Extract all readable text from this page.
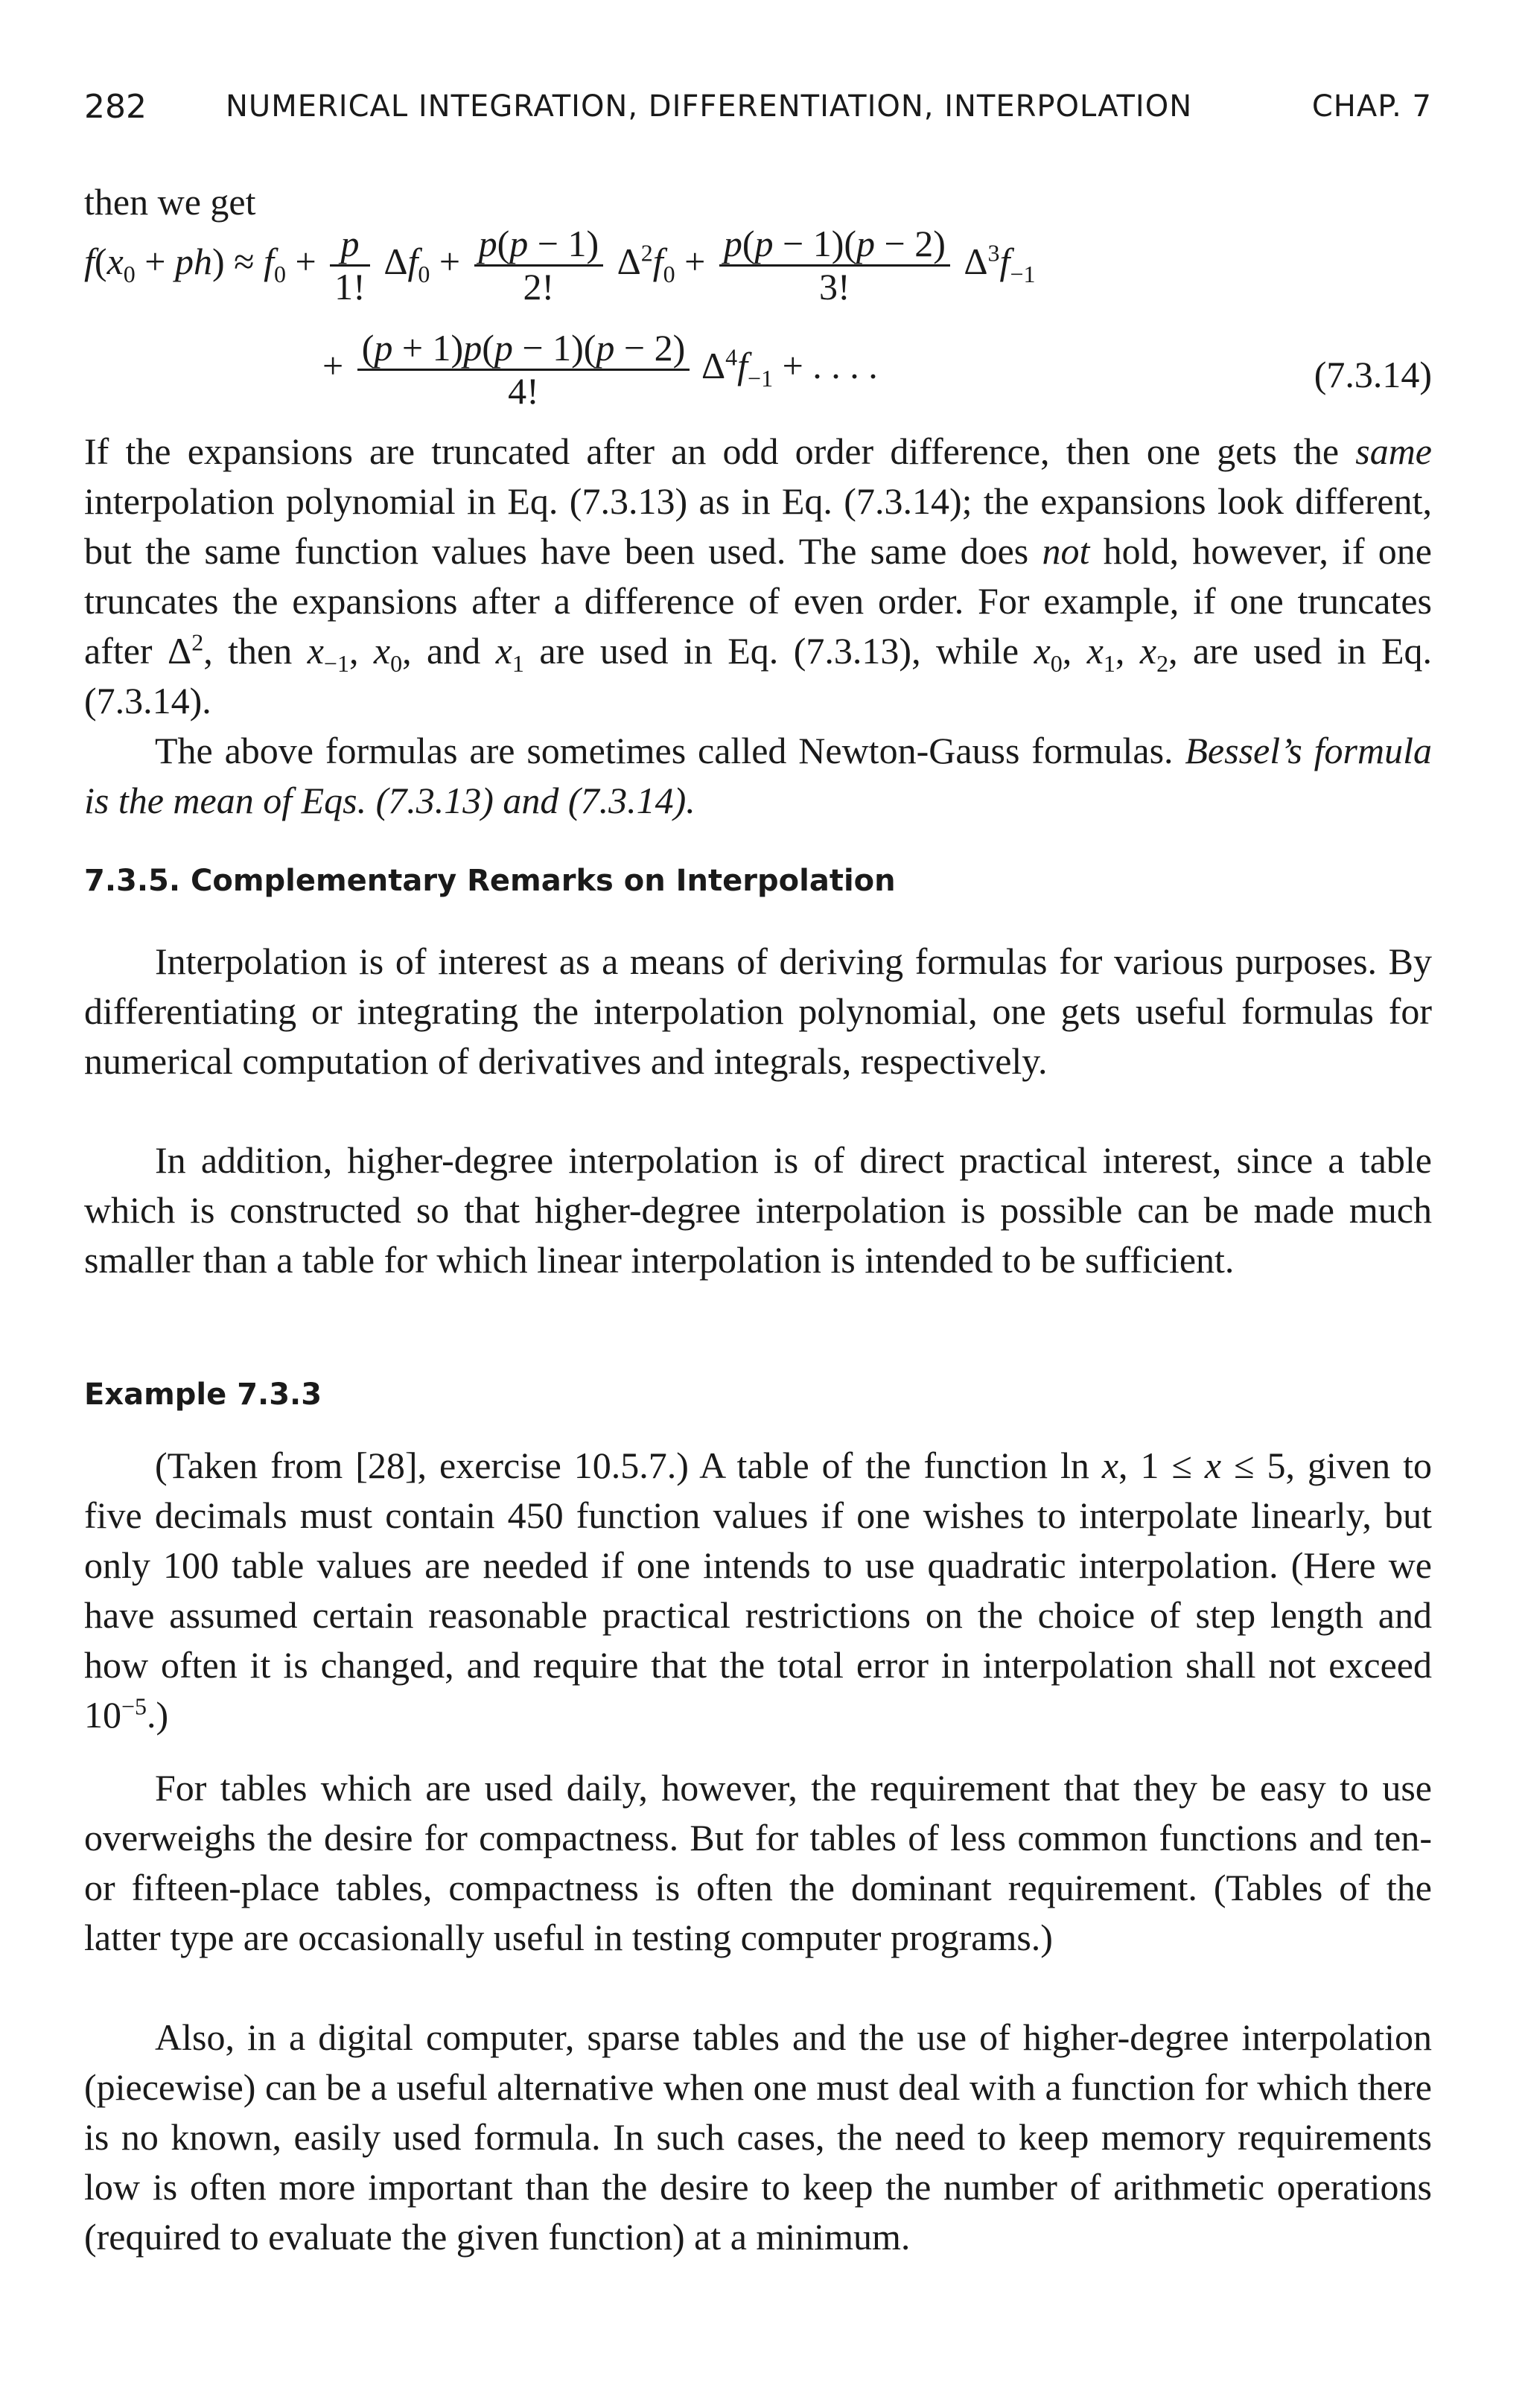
282	NUMERICAL INTEGRATION, DIFFERENTIATION, INTERPOLATION	CHAP. 7

then we get

$f(x_0 + ph) \approx f_0 + \frac{p}{1!} \Delta f_0 + \frac{p(p - 1)}{2!} \Delta^2f_0 + \frac{p(p - 1)(p - 2)}{3!} \Delta^3f_{-1}$
+ $\frac{(p + 1)p(p - 1)(p - 2)}{4!} \Delta^4f_{-1}$ + . . . .	(7.3.14)

If the expansions are truncated after an odd order difference, then one gets the same interpolation polynomial in Eq. (7.3.13) as in Eq. (7.3.14); the expansions look different, but the same function values have been used. The same does not hold, however, if one truncates the expansions after a difference of even order. For example, if one truncates after $\Delta^2$, then $x_{-1}$, $x_0$, and $x_1$ are used in Eq. (7.3.13), while $x_0$, $x_1$, $x_2$, are used in Eq. (7.3.14).

The above formulas are sometimes called Newton-Gauss formulas. Bessel’s formula is the mean of Eqs. (7.3.13) and (7.3.14).

7.3.5. Complementary Remarks on Interpolation

Interpolation is of interest as a means of deriving formulas for various purposes. By differentiating or integrating the interpolation polynomial, one gets useful formulas for numerical computation of derivatives and integrals, respectively.

In addition, higher-degree interpolation is of direct practical interest, since a table which is constructed so that higher-degree interpolation is possible can be made much smaller than a table for which linear interpolation is intended to be sufficient.

Example 7.3.3

(Taken from [28], exercise 10.5.7.) A table of the function ln x, 1 ≤ x ≤ 5, given to five decimals must contain 450 function values if one wishes to interpolate linearly, but only 100 table values are needed if one intends to use quadratic interpolation. (Here we have assumed certain reasonable practical restrictions on the choice of step length and how often it is changed, and require that the total error in interpolation shall not exceed $10^{-5}$.)

For tables which are used daily, however, the requirement that they be easy to use overweighs the desire for compactness. But for tables of less common functions and ten- or fifteen-place tables, compactness is often the dominant requirement. (Tables of the latter type are occasionally useful in testing computer programs.)

Also, in a digital computer, sparse tables and the use of higher-degree interpolation (piecewise) can be a useful alternative when one must deal with a function for which there is no known, easily used formula. In such cases, the need to keep memory requirements low is often more important than the desire to keep the number of arithmetic operations (required to evaluate the given function) at a minimum.
